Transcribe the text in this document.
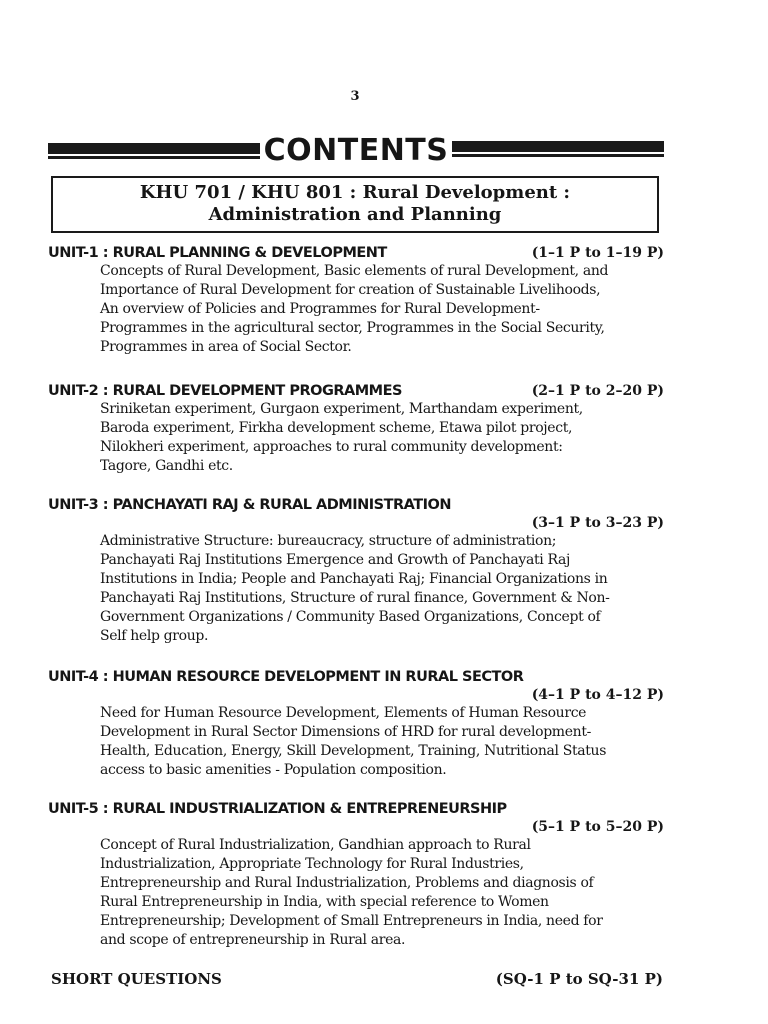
3
CONTENTS
KHU 701 / KHU 801 : Rural Development :
Administration and Planning
UNIT-1 : RURAL PLANNING & DEVELOPMENT	(1–1 P to 1–19 P)
Concepts of Rural Development, Basic elements of rural Development, and Importance of Rural Development for creation of Sustainable Livelihoods, An overview of Policies and Programmes for Rural Development- Programmes in the agricultural sector, Programmes in the Social Security, Programmes in area of Social Sector.
UNIT-2 : RURAL DEVELOPMENT PROGRAMMES	(2–1 P to 2–20 P)
Sriniketan experiment, Gurgaon experiment, Marthandam experiment, Baroda experiment, Firkha development scheme, Etawa pilot project, Nilokheri experiment, approaches to rural community development: Tagore, Gandhi etc.
UNIT-3 : PANCHAYATI RAJ & RURAL ADMINISTRATION
(3–1 P to 3–23 P)
Administrative Structure: bureaucracy, structure of administration; Panchayati Raj Institutions Emergence and Growth of Panchayati Raj Institutions in India; People and Panchayati Raj; Financial Organizations in Panchayati Raj Institutions, Structure of rural finance, Government & Non-Government Organizations / Community Based Organizations, Concept of Self help group.
UNIT-4 : HUMAN RESOURCE DEVELOPMENT IN RURAL SECTOR
(4–1 P to 4–12 P)
Need for Human Resource Development, Elements of Human Resource Development in Rural Sector Dimensions of HRD for rural development- Health, Education, Energy, Skill Development, Training, Nutritional Status access to basic amenities - Population composition.
UNIT-5 : RURAL INDUSTRIALIZATION & ENTREPRENEURSHIP
(5–1 P to 5–20 P)
Concept of Rural Industrialization, Gandhian approach to Rural Industrialization, Appropriate Technology for Rural Industries, Entrepreneurship and Rural Industrialization, Problems and diagnosis of Rural Entrepreneurship in India, with special reference to Women Entrepreneurship; Development of Small Entrepreneurs in India, need for and scope of entrepreneurship in Rural area.
SHORT QUESTIONS	(SQ-1 P to SQ-31 P)
